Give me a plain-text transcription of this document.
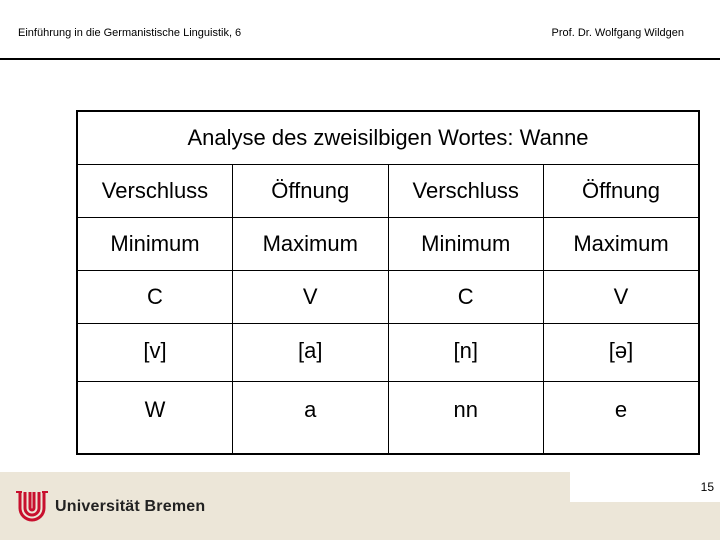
Einführung in die Germanistische Linguistik, 6	Prof. Dr. Wolfgang Wildgen
Analyse des zweisilbigen Wortes: Wanne			
Verschluss	Öffnung	Verschluss	Öffnung
Minimum	Maximum	Minimum	Maximum
C	V	C	V
[v]	[a]	[n]	[ə]
W	a	nn	e
15
Universität Bremen
